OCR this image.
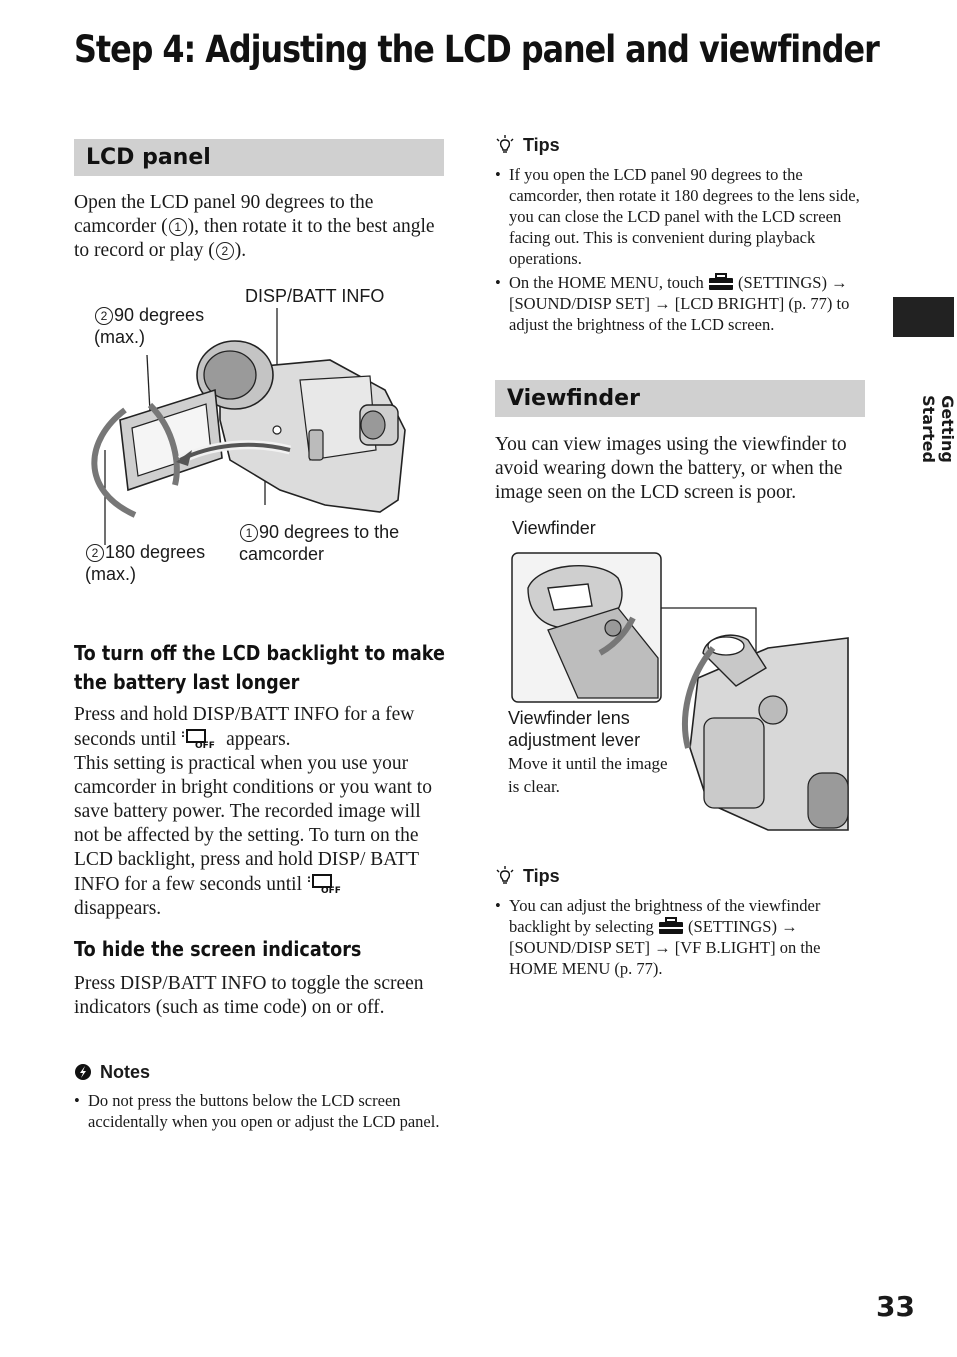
Step 4: Adjusting the LCD panel and viewfinder
LCD panel
Open the LCD panel 90 degrees to the camcorder ( 1 ), then rotate it to the best angle to record or play ( 2 ).
DISP/BATT INFO
2 90 degrees (max.)
2 180 degrees (max.)
1 90 degrees to the camcorder
To turn off the LCD backlight to make the battery last longer
Press and hold DISP/BATT INFO for a few seconds until :
OFF appears.
This setting is practical when you use your camcorder in bright conditions or you want to save battery power. The recorded image will not be affected by the setting. To turn on the LCD backlight, press and hold DISP/ BATT INFO for a few seconds until :
OFF

disappears.
To hide the screen indicators
Press DISP/BATT INFO to toggle the screen indicators (such as time code) on or off.
Notes
• Do not press the buttons below the LCD screen accidentally when you open or adjust the LCD panel.
Tips
• If you open the LCD panel 90 degrees to the camcorder, then rotate it 180 degrees to the lens side, you can close the LCD panel with the LCD screen facing out. This is convenient during playback operations.
• On the HOME MENU, touch (SETTINGS) → [SOUND/DISP SET] → [LCD BRIGHT] (p. 77) to adjust the brightness of the LCD screen.
Viewfinder
You can view images using the viewfinder to avoid wearing down the battery, or when the image seen on the LCD screen is poor.
Viewfinder
Viewfinder lens adjustment lever
Move it until the image is clear.
Tips
• You can adjust the brightness of the viewfinder backlight by selecting (SETTINGS) → [SOUND/DISP SET] → [VF B.LIGHT] on the HOME MENU (p. 77).
Getting Started
33
